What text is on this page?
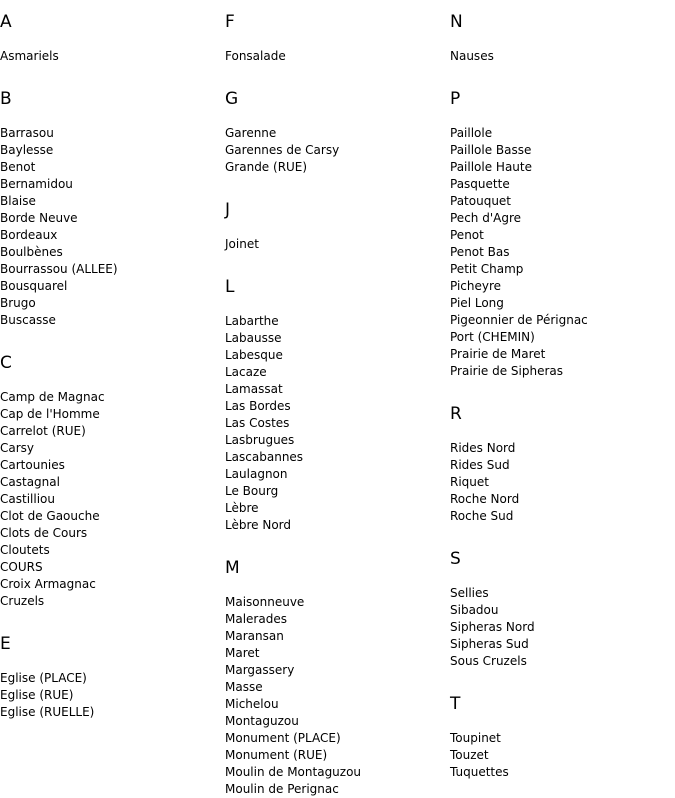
A
Asmariels
B
Barrasou
Baylesse
Benot
Bernamidou
Blaise
Borde Neuve
Bordeaux
Boulbènes
Bourrassou (ALLEE)
Bousquarel
Brugo
Buscasse
C
Camp de Magnac
Cap de l'Homme
Carrelot (RUE)
Carsy
Cartounies
Castagnal
Castilliou
Clot de Gaouche
Clots de Cours
Cloutets
COURS
Croix Armagnac
Cruzels
E
Eglise (PLACE)
Eglise (RUE)
Eglise (RUELLE)
F
Fonsalade
G
Garenne
Garennes de Carsy
Grande (RUE)
J
Joinet
L
Labarthe
Labausse
Labesque
Lacaze
Lamassat
Las Bordes
Las Costes
Lasbrugues
Lascabannes
Laulagnon
Le Bourg
Lèbre
Lèbre Nord
M
Maisonneuve
Malerades
Maransan
Maret
Margassery
Masse
Michelou
Montaguzou
Monument (PLACE)
Monument (RUE)
Moulin de Montaguzou
Moulin de Perignac
N
Nauses
P
Paillole
Paillole Basse
Paillole Haute
Pasquette
Patouquet
Pech d'Agre
Penot
Penot Bas
Petit Champ
Picheyre
Piel Long
Pigeonnier de Pérignac
Port (CHEMIN)
Prairie de Maret
Prairie de Sipheras
R
Rides Nord
Rides Sud
Riquet
Roche Nord
Roche Sud
S
Sellies
Sibadou
Sipheras Nord
Sipheras Sud
Sous Cruzels
T
Toupinet
Touzet
Tuquettes
